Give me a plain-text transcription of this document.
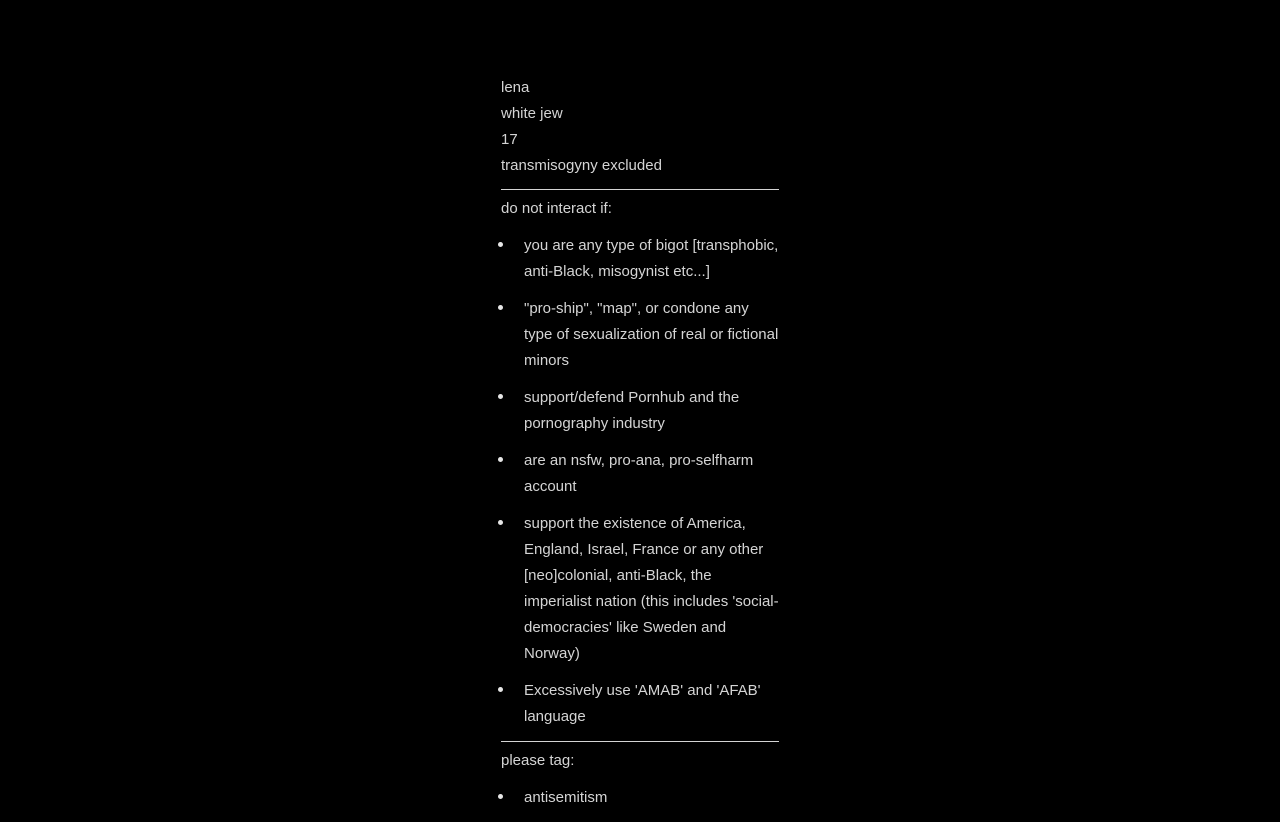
lena
white jew
17
transmisogyny excluded
do not interact if:
you are any type of bigot [transphobic, anti-Black, misogynist etc...]
"pro-ship", "map", or condone any type of sexualization of real or fictional minors
support/defend Pornhub and the pornography industry
are an nsfw, pro-ana, pro-selfharm account
support the existence of America, England, Israel, France or any other [neo]colonial, anti-Black, the imperialist nation (this includes 'social-democracies' like Sweden and Norway)
Excessively use 'AMAB' and 'AFAB' language
please tag:
antisemitism
